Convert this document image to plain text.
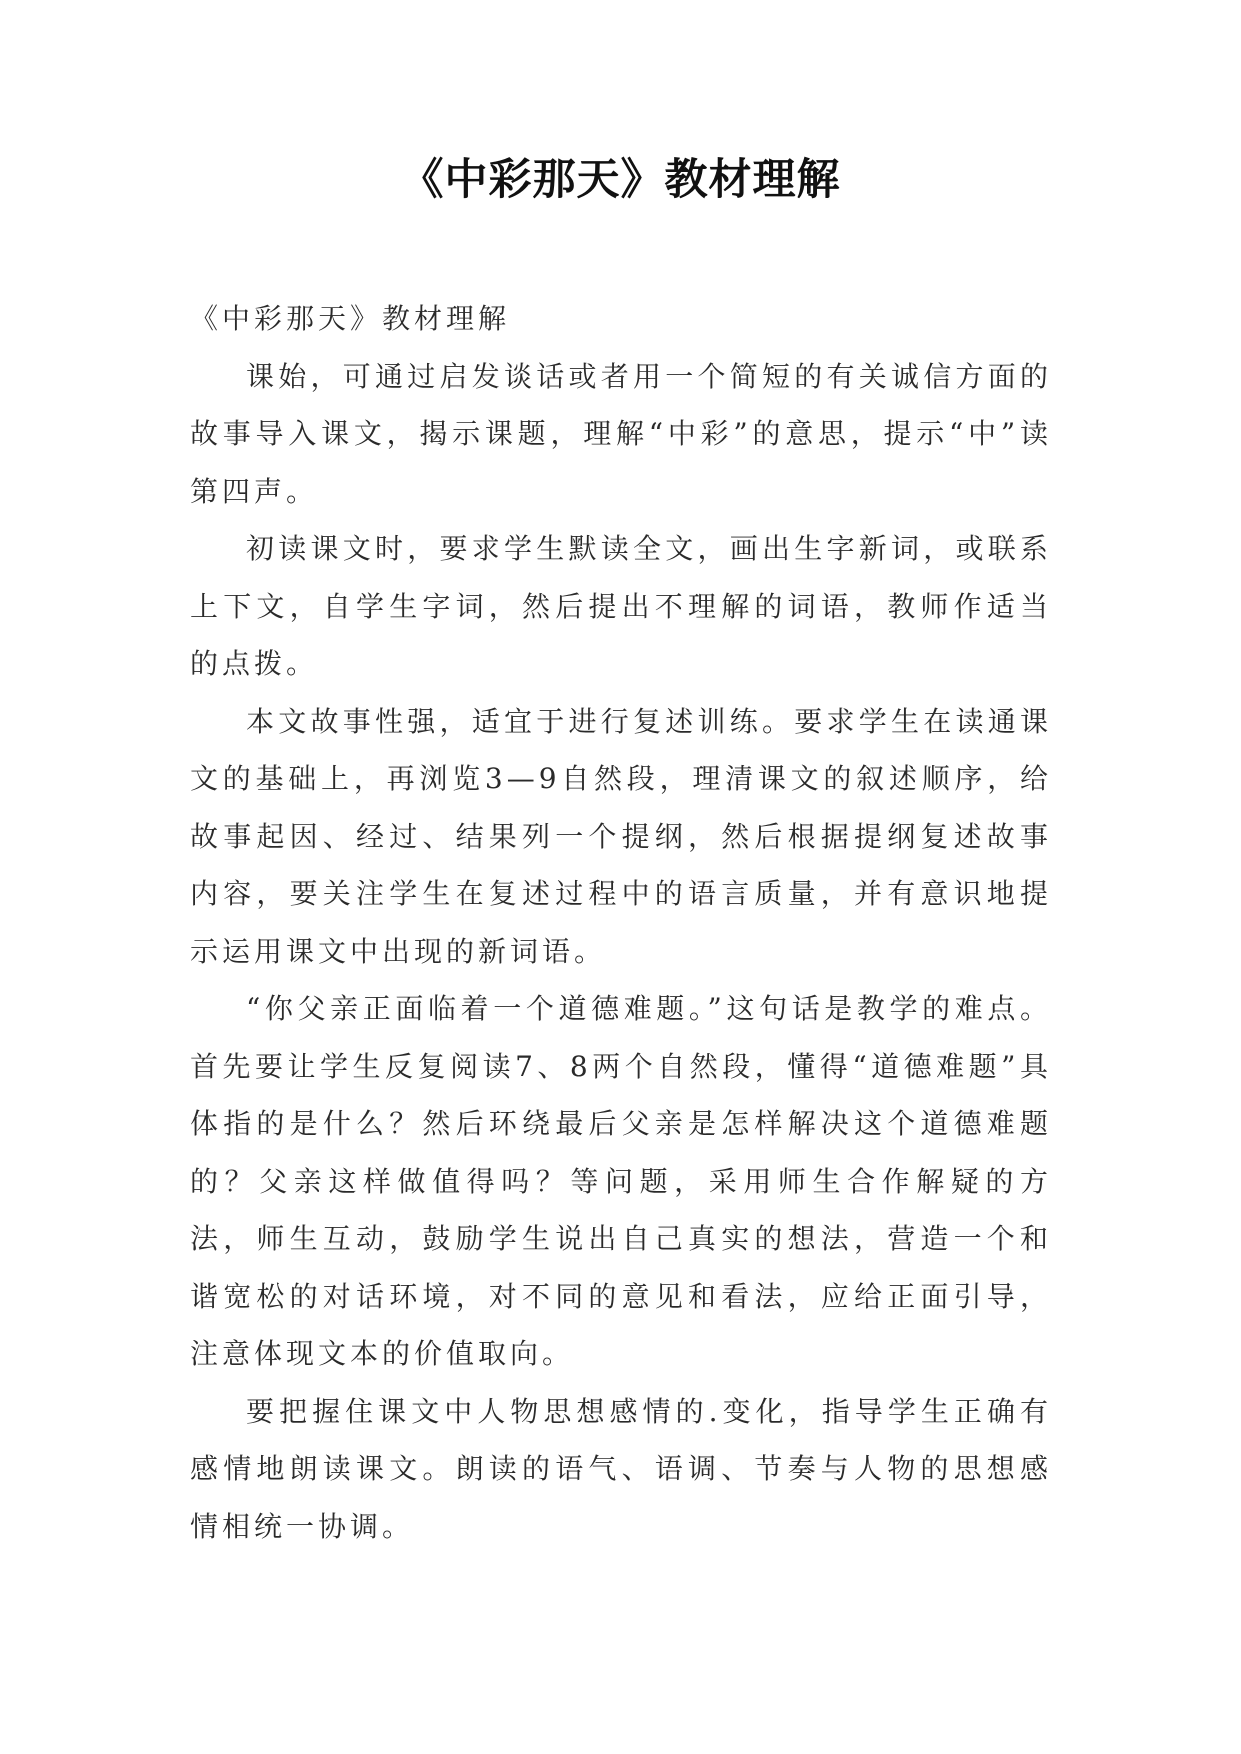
《中彩那天》教材理解

《中彩那天》教材理解

课始，可通过启发谈话或者用一个简短的有关诚信方面的故事导入课文，揭示课题，理解“中彩”的意思，提示“中”读第四声。

初读课文时，要求学生默读全文，画出生字新词，或联系上下文，自学生字词，然后提出不理解的词语，教师作适当的点拨。

本文故事性强，适宜于进行复述训练。要求学生在读通课文的基础上，再浏览3—9自然段，理清课文的叙述顺序，给故事起因、经过、结果列一个提纲，然后根据提纲复述故事内容，要关注学生在复述过程中的语言质量，并有意识地提示运用课文中出现的新词语。

“你父亲正面临着一个道德难题。”这句话是教学的难点。首先要让学生反复阅读7、8两个自然段，懂得“道德难题”具体指的是什么？然后环绕最后父亲是怎样解决这个道德难题的？父亲这样做值得吗？等问题，采用师生合作解疑的方法，师生互动，鼓励学生说出自己真实的想法，营造一个和谐宽松的对话环境，对不同的意见和看法，应给正面引导，注意体现文本的价值取向。

要把握住课文中人物思想感情的.变化，指导学生正确有感情地朗读课文。朗读的语气、语调、节奏与人物的思想感情相统一协调。
